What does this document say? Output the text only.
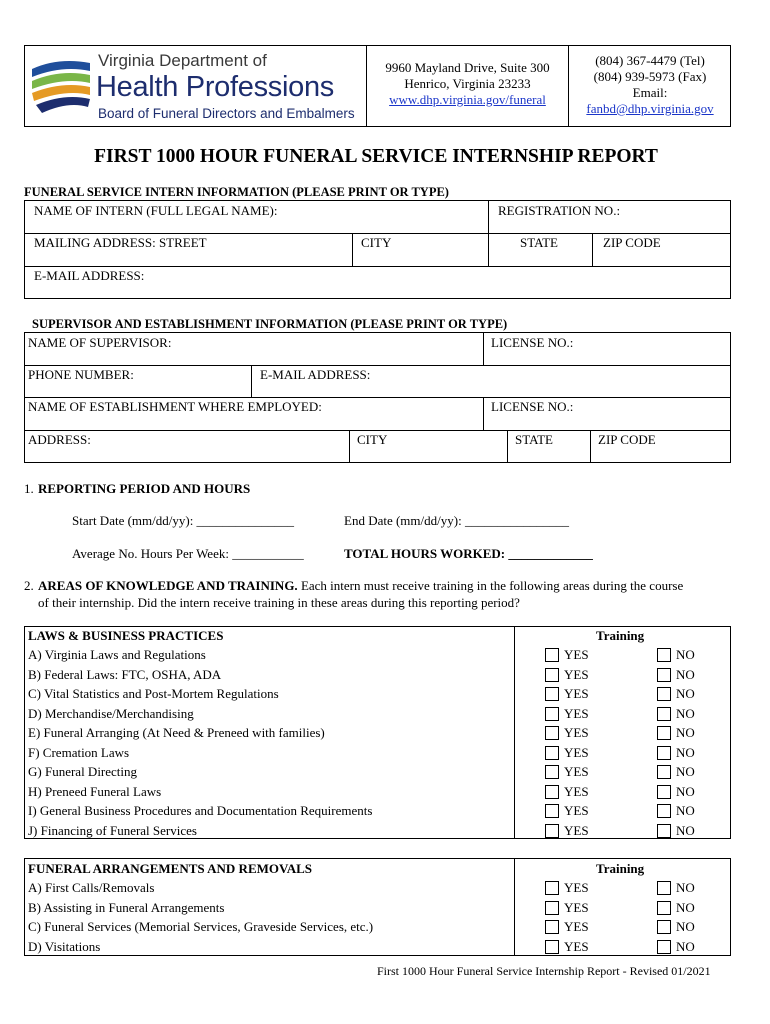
Virginia Department of
Health Professions
Board of Funeral Directors and Embalmers
9960 Mayland Drive, Suite 300
Henrico, Virginia 23233
www.dhp.virginia.gov/funeral
(804) 367-4479 (Tel)
(804) 939-5973 (Fax)
Email:
fanbd@dhp.virginia.gov
FIRST 1000 HOUR FUNERAL SERVICE INTERNSHIP REPORT
FUNERAL SERVICE INTERN INFORMATION (PLEASE PRINT OR TYPE)
NAME OF INTERN (FULL LEGAL NAME):	REGISTRATION NO.:
MAILING ADDRESS: STREET	CITY	STATE	ZIP CODE
E-MAIL ADDRESS:
SUPERVISOR AND ESTABLISHMENT INFORMATION (PLEASE PRINT OR TYPE)
NAME OF SUPERVISOR:	LICENSE NO.:
PHONE NUMBER:	E-MAIL ADDRESS:
NAME OF ESTABLISHMENT WHERE EMPLOYED:	LICENSE NO.:
ADDRESS:	CITY	STATE	ZIP CODE
1. REPORTING PERIOD AND HOURS
Start Date (mm/dd/yy): _______________	End Date (mm/dd/yy): ________________
Average No. Hours Per Week: ___________	TOTAL HOURS WORKED: _____________
2. AREAS OF KNOWLEDGE AND TRAINING. Each intern must receive training in the following areas during the course
of their internship. Did the intern receive training in these areas during this reporting period?
LAWS & BUSINESS PRACTICES	Training
A) Virginia Laws and Regulations	YES	NO
B) Federal Laws: FTC, OSHA, ADA	YES	NO
C) Vital Statistics and Post-Mortem Regulations	YES	NO
D) Merchandise/Merchandising	YES	NO
E) Funeral Arranging (At Need & Preneed with families)	YES	NO
F) Cremation Laws	YES	NO
G) Funeral Directing	YES	NO
H) Preneed Funeral Laws	YES	NO
I) General Business Procedures and Documentation Requirements	YES	NO
J) Financing of Funeral Services	YES	NO
FUNERAL ARRANGEMENTS AND REMOVALS	Training
A) First Calls/Removals	YES	NO
B) Assisting in Funeral Arrangements	YES	NO
C) Funeral Services (Memorial Services, Graveside Services, etc.)	YES	NO
D) Visitations	YES	NO
First 1000 Hour Funeral Service Internship Report - Revised 01/2021
